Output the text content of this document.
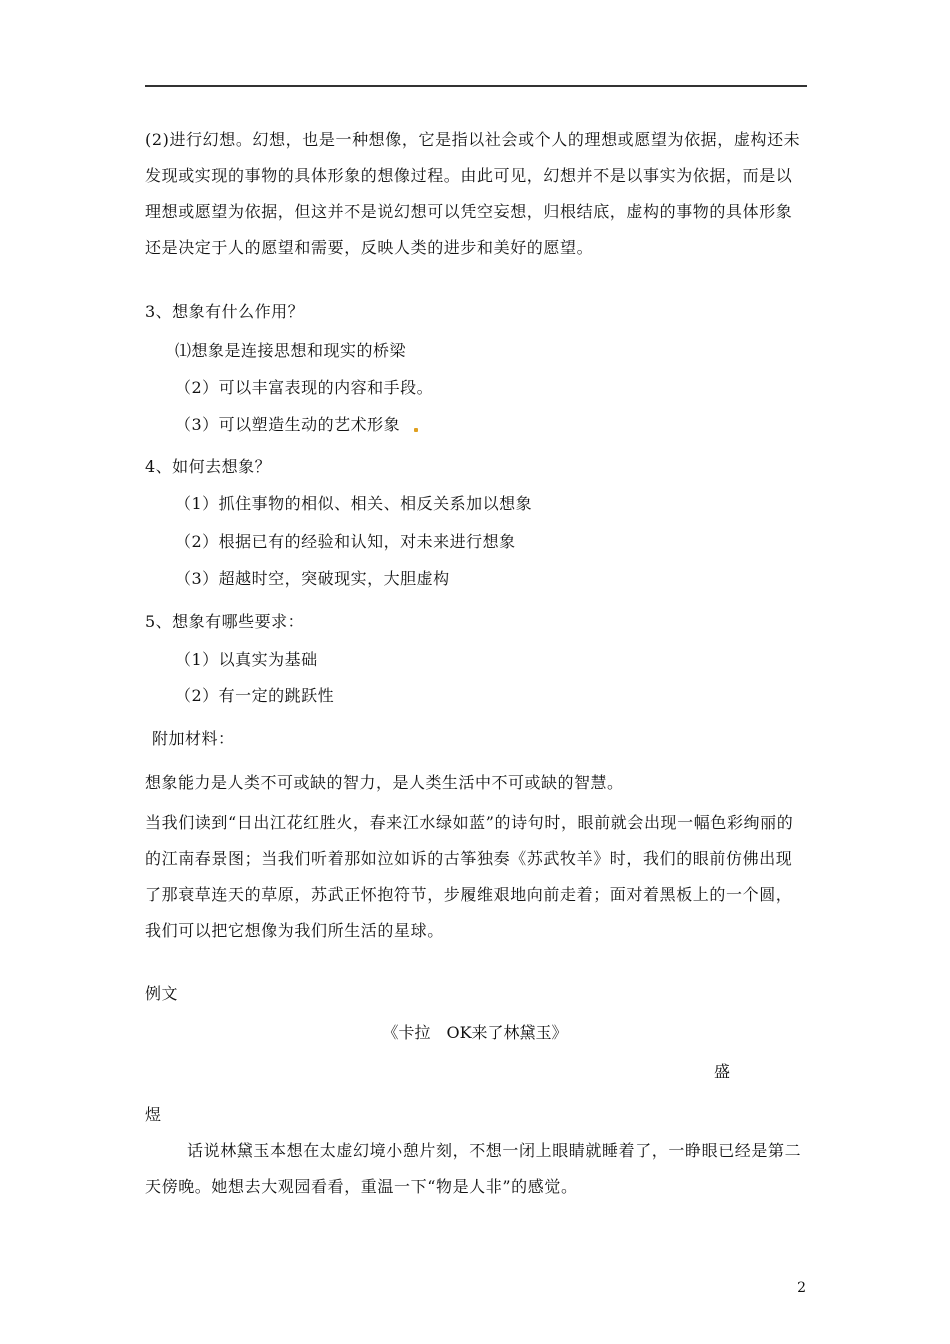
(2)进行幻想。幻想，也是一种想像，它是指以社会或个人的理想或愿望为依据，虚构还未发现或实现的事物的具体形象的想像过程。由此可见，幻想并不是以事实为依据，而是以理想或愿望为依据，但这并不是说幻想可以凭空妄想，归根结底，虚构的事物的具体形象还是决定于人的愿望和需要，反映人类的进步和美好的愿望。
3、想象有什么作用？
⑴想象是连接思想和现实的桥梁
（2）可以丰富表现的内容和手段。
（3）可以塑造生动的艺术形象
4、如何去想象？
（1）抓住事物的相似、相关、相反关系加以想象
（2）根据已有的经验和认知，对未来进行想象
（3）超越时空，突破现实，大胆虚构
5、想象有哪些要求：
（1）以真实为基础
（2）有一定的跳跃性
附加材料：
想象能力是人类不可或缺的智力，是人类生活中不可或缺的智慧。
当我们读到“日出江花红胜火，春来江水绿如蓝”的诗句时，眼前就会出现一幅色彩绚丽的的江南春景图；当我们听着那如泣如诉的古筝独奏《苏武牧羊》时，我们的眼前仿佛出现了那衰草连天的草原，苏武正怀抱符节，步履维艰地向前走着；面对着黑板上的一个圆，我们可以把它想像为我们所生活的星球。
例文
《卡拉　OK来了林黛玉》
盛
煜
话说林黛玉本想在太虚幻境小憩片刻，不想一闭上眼睛就睡着了，一睁眼已经是第二天傍晚。她想去大观园看看，重温一下“物是人非”的感觉。
2
